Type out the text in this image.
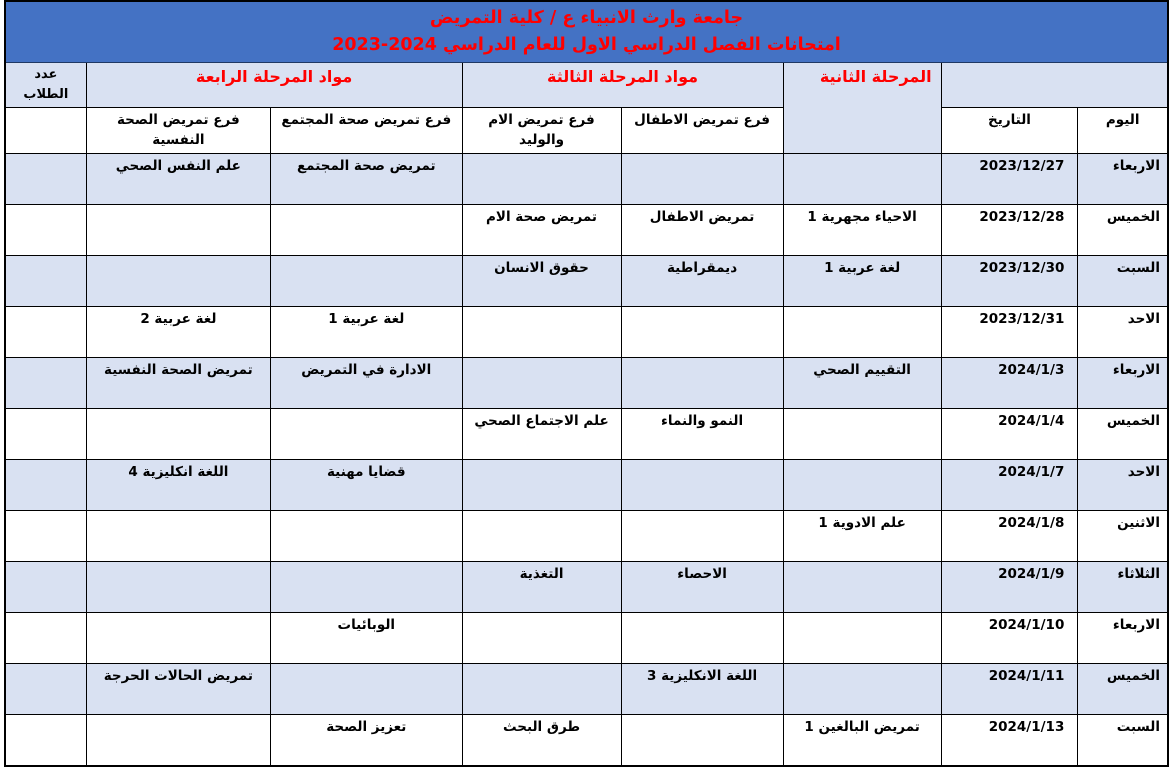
جامعة وارث الانبياء ع / كلية التمريض
امتحانات الفصل الدراسي الاول للعام الدراسي 2024-2023							

		المرحلة الثانية	مواد المرحلة الثالثة		مواد المرحلة الرابعة		عدد الطلاب
اليوم	التاريخ		فرع تمريض الاطفال	فرع تمريض الام والوليد	فرع تمريض صحة المجتمع	فرع تمريض الصحة النفسية	
الاربعاء	2023/12/27				تمريض صحة المجتمع	علم النفس الصحي	
الخميس	2023/12/28	الاحياء مجهرية 1	تمريض الاطفال	تمريض صحة الام			
السبت	2023/12/30	لغة عربية 1	ديمقراطية	حقوق الانسان			
الاحد	2023/12/31				لغة عربية 1	لغة عربية 2	
الاربعاء	2024/1/3	التقييم الصحي			الادارة في التمريض	تمريض الصحة النفسية	
الخميس	2024/1/4		النمو والنماء	علم الاجتماع الصحي			
الاحد	2024/1/7				قضايا مهنية	اللغة انكليزية 4	
الاثنين	2024/1/8	علم الادوية 1					
الثلاثاء	2024/1/9		الاحصاء	التغذية			
الاربعاء	2024/1/10				الوبائيات		
الخميس	2024/1/11		اللغة الانكليزية 3			تمريض الحالات الحرجة	
السبت	2024/1/13	تمريض البالغين 1		طرق البحث	تعزيز الصحة		
